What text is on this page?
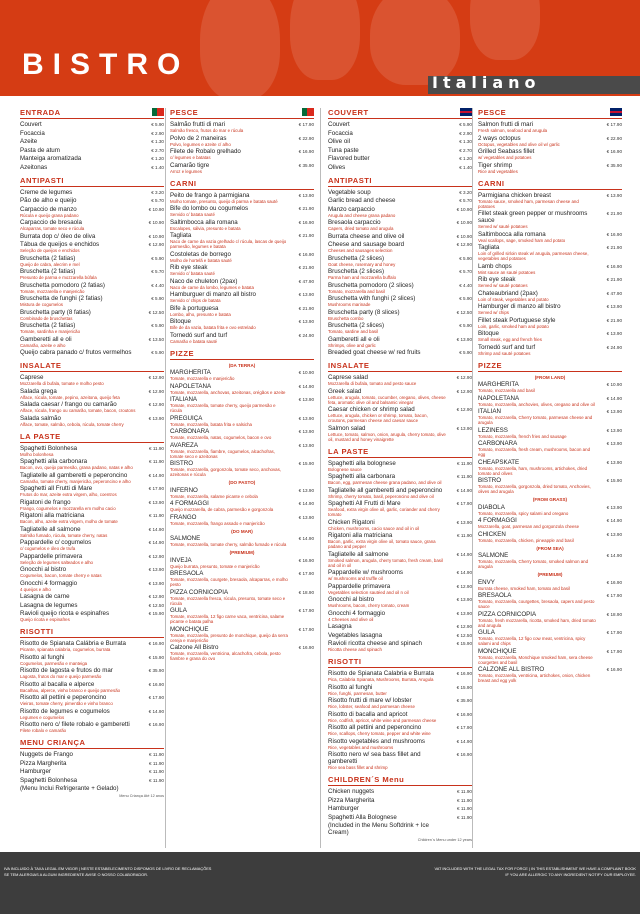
BISTRO
Italiano
ENTRADA
Couvert	€ 5.90
Focaccia	€ 2.90
Azeite	€ 1.30
Pasta de atum	€ 2.70
Manteiga aromatizada	€ 1.20
Azeitonas	€ 1.40
ANTIPASTI
Creme de legumes	€ 3.20
Pão de alho e queijo	€ 5.70
Carpaccio de manzo
Rúcula e queijo grana padano
€ 10.90
Carpaccio de bresaola
Alcaparras, tomate seco e rúcula
€ 10.90
Burrata dop c/ óleo de oliva	€ 10.90
Tábua de queijos e enchidos
Seleção de queijos e enchidos
€ 12.90
Bruschetta (2 fatias)
Queijo de cabra, alecrim e mel
€ 5.90
Bruschetta (2 fatias)
Presunto de parma e mozzarella búfala
€ 5.70
Bruschetta pomodoro (2 fatias)
Tomate, mozzarella e manjericão
€ 4.40
Bruschetta de funghi (2 fatias)
Mistura de cogumelos
€ 5.90
Bruschetta party (8 fatias)
Combinado de bruschettas
€ 12.50
Bruschetta (2 fatias)
Tomate, sardinha e manjericão
€ 5.90
Gamberetti all e oli
Camarão, azeite e alho
€ 13.50
Queijo cabra panado c/ frutos vermelhos	€ 5.90
INSALATE
Caprese
Mozzarella di bufala, tomate e molho pesto
€ 12.90
Salada grega
Alface, rúcula, tomate, pepino, azeitona, queijo feta
€ 12.90
Salada caesar / frango ou camarão
Alface, rúcula, frango ou camarão, tomate, bacon, croutons
€ 12.90
Salada salmão
Alface, tomate, salmão, cebola, rúcula, tomate cherry
€ 13.90
LA PASTE
Spaghetti Bolonhesa
Molho bolonhesa
€ 11.90
Spaghetti alla carbonara
Bacon, ovo, queijo parmesão, grana padano, natas e alho
€ 11.90
Tagliatelle all gamberetti e peperoncino
Camarão, tomate cherry, manjericão, peperoncino e alho
€ 14.90
Spaghetti all Frutti di Mare
Frutos do mar, azeite extra virgem, alho, coentros
€ 17.90
Rigatoni de frango
Frango, cogumelos e mozzarella em molho cacio
€ 13.90
Rigatoni alla matriciana
Bacon, alho, azeite extra virgem, molho de tomate
€ 11.90
Tagliatelle all salmone
Salmão fumado, rúcula, tomate cherry, natas
€ 14.90
Pappardelle c/ cogumelos
c/ cogumelos e óleo de trufa
€ 14.90
Pappardelle primavera
Seleção de legumes salteados e alho
€ 12.90
Gnocchi al bistro
Cogumelos, bacon, tomate cherry e natas
€ 13.90
Gnocchi 4 formaggio
4 queijos e alho
€ 13.90
Lasagna de carne	€ 12.90
Lasagna de legumes	€ 12.50
Ravioli queijo ricota e espinafres
Queijo ricota e espinafres
€ 15.90
RISOTTI
Risotto de Spianata Calábria e Burrata
Picante, spianata calabria, cogumelos, burrata
€ 16.90
Risotto al funghi
Cogumelos, parmesão e manteiga
€ 15.90
Risotto de lagosta e frutos do mar
Lagosta, frutos do mar e queijo parmesão
€ 35.90
Risotto al bacalla e alperce
Bacalhau, alperce, vinho branco e queijo parmesão
€ 16.90
Risotto all pettini e peperoncino
Vieiras, tomate cherry, pimentão e vinho branco
€ 17.90
Risotto de legumes e cogumelos
Legumes e cogumelos
€ 14.90
Risotto nero c/ filete robalo e gamberetti
Filete robalo e camarão
€ 16.90
MENU CRIANÇA
Nuggets de Frango	€ 11.90
Pizza Margherita	€ 11.90
Hamburger	€ 11.90
Spaghetti Bolonhesa	€ 11.90
(Menu Inclui Refrigerante + Gelado)
Menu Criança Até 12 anos
PESCE
Salmão frutti di mari
Salmão fresco, frutos do mar e rúcula
€ 17.90
Polvo de 2 maneiras
Polvo, legumes e azeite c/ alho
€ 22.90
Filete de Robalo grelhado
c/ legumes e batatas
€ 16.90
Camarão tigre
Arroz e legumes
€ 35.90
CARNI
Peito de frango à parmigiana
Molho tomate, presunto, queijo di parma e batata sauté
€ 13.90
Bife do lombo ou cogumelos
Servido c/ batata sauté
€ 21.90
Saltimbocca alla romana
Escalopes, sálvia, presunto e batata
€ 16.90
Tagliata
Naco de carne da vazia grelhado c/ rúcula, lascas de queijo parmesão, legumes e batata
€ 21.90
Costoletas de borrego
Molho de hortelã e batata sauté
€ 16.90
Rib eye steak
Servido c/ batata sauté
€ 21.90
Naco de chuleton (2pax)
Naco de carne da lombo, legumes e batata
€ 47.90
Hamburguer di manzo all bistro
Servido c/ chips de batata
€ 13.90
Bife à portuguesa
Lombo, alho, presunto e batata
€ 21.90
Bitoque
Bife de da vazia, batata frita e ovo estrelado
€ 13.90
Tornedó surf and turf
Camarão e batata sauté
€ 24.90
PIZZE
(DA TERRA)
MARGHERITA
Tomate, mozzarella e manjericão
€ 10.90
NAPOLETANA
Tomate, mozzarella, anchovas, azeitonas, orégãos e azeite
€ 14.90
ITALIANA
Tomate, mozzarella, tomate cherry, queijo parmesão e rúcula
€ 13.90
PREGUIÇA
Tomate, mozzarella, batata frita e salsicha
€ 13.90
CARBONARA
Tomate, mozzarella, natas, cogumelos, bacon e ovo
€ 13.90
AVAREZA
Tomate, mozzarella, fiambre, cogumelos, alcachofras, tomate seco e azeitonas
€ 13.90
BISTRO
Tomate, mozzarella, gorgonzola, tomate seco, anchovas, azeitonas e rúcula
€ 15.90
(DO PASTO)
INFERNO
Tomate, mozzarella, salame picante e cebola
€ 13.90
4 FORMAGGI
Queijo mozzarella, de cabra, parmesão e gorgonzola
€ 14.90
FRANGO
Tomate, mozzarella, frango assado e manjericão
€ 13.90
(DO MAR)
SALMONE
Tomate, mozzarella, tomate cherry, salmão fumado e rúcula
€ 14.90
(PREMIUM)
INVEJA
Queijo burrata, presunto, tomate e manjericão
€ 16.90
BRESAOLA
Tomate, mozzarella, courgete, bresaola, alcaparras, e molho pesto
€ 17.90
PIZZA CORNICOPIA
Tomate, mozzarella fresca, rúcula, presunto, tomate seco e rúcula
€ 18.90
GULA
Tomate, mozzarella, 12 figo carne vaca, ventricina, salame picante e batata palha
€ 17.90
MONCHIQUE
Tomate, mozzarella, presunto de monchique, queijo da serra cereja e manjericão
€ 17.90
Calzone All Bistro
Tomate, mozzarella, ventricina, alcachofra, cebola, pesto fiambre e grana do ovo
€ 16.90
COUVERT
Couvert	€ 5.90
Focaccia	€ 2.90
Olive oil	€ 1.30
Tuna paste	€ 2.70
Flavored butter	€ 1.20
Olives	€ 1.40
ANTIPASTI
Vegetable soup	€ 3.20
Garlic bread and cheese	€ 5.70
Manzo carpaccio
Arugula and cheese grana padano
€ 10.90
Bresaola carpaccio
Capers, dried tomato and arugula
€ 10.90
Burrata cheese and olive oil	€ 10.90
Cheese and sausage board
Cheeses and sausages selection
€ 12.90
Bruschetta (2 slices)
Goat cheese, rosemary and honey
€ 5.90
Bruschetta (2 slices)
Parma ham and mozzarella buffalo
€ 5.70
Bruschetta pomodoro (2 slices)
Tomato, mozzarella and basil
€ 4.40
Bruschetta with funghi (2 slices)
Mushrooms marinade
€ 5.90
Bruschetta party (8 slices)
Bruschetta combo
€ 12.50
Bruschetta (2 slices)
Tomato, sardine and basil
€ 5.90
Gamberetti all e oli
Shrimps, olive and garlic
€ 13.90
Breaded goat cheese w/ red fruits	€ 5.90
INSALATE
Caprese salad
Mozzarella di bufala, tomato and pesto sauce
€ 12.90
Greek salad
Lettuce, arugula, tomato, cucumber, oregano, olives, cheese feta, aromatic olive oil and balsamic vinegar
€ 12.90
Caesar chicken or shrimp salad
Lettuce, arugula, chicken or shrimp, tomato, bacon, croutons, parmesan cheese and caesar sauce
€ 12.90
Salmon salad
Lettuce, tomato, salmon, onion, arugula, cherry tomato, olive oil, mustard and honey vinaigrette
€ 13.90
LA PASTE
Spaghetti alla bolognese
Bolognese sauce
€ 11.90
Spaghetti alla carbonara
Bacon, egg, parmesan cheese grana padano, and olive oil
€ 11.90
Tagliatelle all gamberetti and peperoncino
Shrimp, cherry tomato, basil, peperoncino and olive oil
€ 14.90
Spaghetti All Frutti di Mare
Seafood, extra virgin olive oil, garlic, coriander and cherry tomato
€ 17.90
Chicken Rigatoni
Chicken, mushrooms, cacio sauce and oil in oil
€ 13.90
Rigatoni alla matriciana
Bacon, garlic, extra virgin olive oil, tomato sauce, grana padano and pepper
€ 11.90
Tagliatelle all salmone
Smoked salmon, arugula, cherry tomato, fresh cream, basil and oil in oil
€ 14.90
Pappardelle w/ mushrooms
w/ mushrooms and truffle oil
€ 14.90
Pappardelle primavera
Vegetables selection sautéed and oil n oil
€ 12.90
Gnocchi al bistro
Mushrooms, bacon, cherry tomato, cream
€ 13.90
Gnocchi 4 formaggio
4 Cheeses and olive oil
€ 13.90
Lasagna	€ 12.90
Vegetables lasagna	€ 12.50
Ravioli ricotta cheese and spinach
Ricotta cheese and spinach
€ 15.90
RISOTTI
Risotto de Spianata Calabria e Burrata
Pica, Calabria Spianata, Mushrooms, Burrata, Arugula
€ 16.90
Risotto al funghi
Rice, funghi, parmesan, butter
€ 15.90
Risotto frutti di mare w/ lobster
Rice, lobster, seafood and parmesan cheese
€ 35.90
Risotto di bacalla and apricot
Rice, codfish, apricot, white wine and parmesan cheese
€ 16.90
Risotto all pettini and peperoncino
Rice, scallops, cherry tomato, pepper and white wine
€ 17.90
Risotto vegetables and mushrooms
Rice, vegetables and mushrooms
€ 14.90
Risotto nero w/ sea bass fillet and gamberetti
Rice sea bass fillet and shrimp
€ 16.90
CHILDREN´S Menu
Chicken nuggets	€ 11.90
Pizza Margherita	€ 11.90
Hamburger	€ 11.90
Spaghetti Alla Bolognese	€ 11.90
(Included in the Menu Softdrink + Ice Cream)
Children´s Menu under 12 years
PESCE
Salmon frutti di mari
Fresh salmon, seafood and arugula
€ 17.90
2 ways octopus
Octopus, vegetables and olive oil w/ garlic
€ 22.90
Grilled Seabass fillet
w/ vegetables and potatoes
€ 16.90
Tiger shrimp
Rice and vegetables
€ 35.90
CARNI
Parmigiana chicken breast
Tomato sauce, smoked ham, parmesan cheese and potatoes
€ 13.90
Fillet steak green pepper or mushrooms sauce
Served w/ sauté potatoes
€ 21.90
Saltimbocca alla romana
Veal scallops, sage, smoked ham and potato
€ 16.90
Tagliata
Loin of grilled sirloin steak w/ arugula, parmesan cheese, vegetables and potatoes
€ 21.90
Lamb chops
Mint sauce an sauté potatoes
€ 16.90
Rib eye steak
Served w/ sauté potatoes
€ 21.90
Chateaubriand (2pax)
Loin of steak, vegetables and potato
€ 47.90
Hamburger di manzo all bistro
Served w/ chips
€ 13.90
Fillet steak Portuguese style
Loin, garlic, smoked ham and potato
€ 21.90
Bitoque
Small steak, egg and french fries
€ 13.90
Tornedó surf and turf
Shrimp and sauté potatoes
€ 24.90
PIZZE
(FROM LAND)
MARGHERITA
Tomato, mozzarella and basil
€ 10.90
NAPOLETANA
Tomato, mozzarella, anchovies, olives, oregano and olive oil
€ 14.90
ITALIAN
Tomato, mozzarella, Cherry tomato, parmesan cheese and arugula
€ 13.90
LEZINESS
Tomato, mozzarella, french fries and sausage
€ 13.90
CARBONARA
Tomato, mozzarella, fresh cream, mushrooms, bacon and egg
€ 13.90
CHEAPSKATE
Tomato, mozzarella, ham, mushrooms, artichokes, dried tomato and olives
€ 13.90
BISTRO
Tomato, mozzarella, gorgonzola, dried tomato, Anchovies, olives and arugula
€ 15.90
(FROM GRASS)
DIABOLA
Tomato, mozzarella, spicy salami and oregano
€ 13.90
4 FORMAGGI
Mozzarella, goat, parmesan and gorgonzola cheese
€ 14.90
CHICKEN
Tomato, mozzarella, chicken, pineapple and basil
€ 13.90
(FROM SEA)
SALMONE
Tomato, mozzarella, Cherry tomato, smoked salmon and arugula
€ 14.90
(PREMIUM)
ENVY
Burrata cheese, smoked ham, tomato and basil
€ 16.90
BRESAOLA
Tomato, mozzarella, courgettes, bresaola, capers and pesto sauce
€ 17.90
PIZZA CORNICOPIA
Tomato, fresh mozzarella, ricotta, smoked ham, dried tomato and arugula
€ 18.90
GULA
Tomato, mozzarella, 12 figo cow meat, ventricina, spicy salami and chips
€ 17.90
MONCHIQUE
Tomato, mozzarella, Monchique smoked ham, sera cheese courgettes and basil
€ 17.90
CALZONE ALL BISTRO
Tomato, mozzarella, ventricina, artichokes, onion, chicken breast and egg yolk
€ 16.90
IVA INCLUIDO À TAXA LEGAL EM VIGOR | NESTE ESTABELECIMENTO DISPOMOS DE LIVRO DE RECLAMAÇÕES
SE TEM ALERGIAS A ALGUM INGREDIENTE AVISE O NOSSO COLABORADOR.
VAT INCLUDED WITH THE LEGAL TAX FOR FORCE | IN THIS ESTABLISHMENT WE HAVE A COMPLAINT BOOK
IF YOU ARE ALLERGIC TO ANY INGREDIENT NOTIFY OUR EMPLOYEE.
